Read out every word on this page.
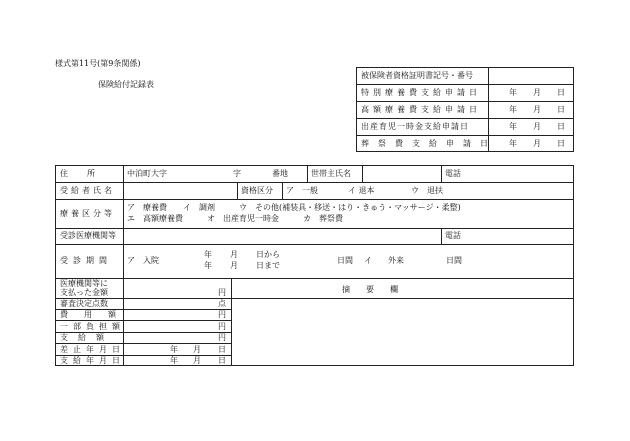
様式第11号(第9条関係)
保険給付記録表
被保険者資格証明書記号・番号
特別療養費支給申請日	年 月 日
高額療養費支給申請日	年 月 日
出産育児一時金支給申請日	年 月 日
葬祭費支給申請日 年 月 日
住　　所	中泊町大字	字	番地	世帯主氏名	電話
受給者氏名	資格区分 ア　一般	イ 退本	ウ　退扶
療養区分等
ア　療養費　　イ　調剤　　　ウ　その他(補装具・移送・はり・きゅう・マッサージ・柔整)
エ　高額療養費　　　オ　出産育児一時金　　　カ　葬祭費
受診医療機関等	電話
受診期間 ア　入院
年 月 日から
年 月 日まで
日間 イ　　外来	日間
医療機関等に
支払った金額	円
審査決定点数	点
費用額	円
一部負担額	円
支給額	円
差止年月日	年 月 日
支給年月日	年 月 日
摘　　要　　欄
